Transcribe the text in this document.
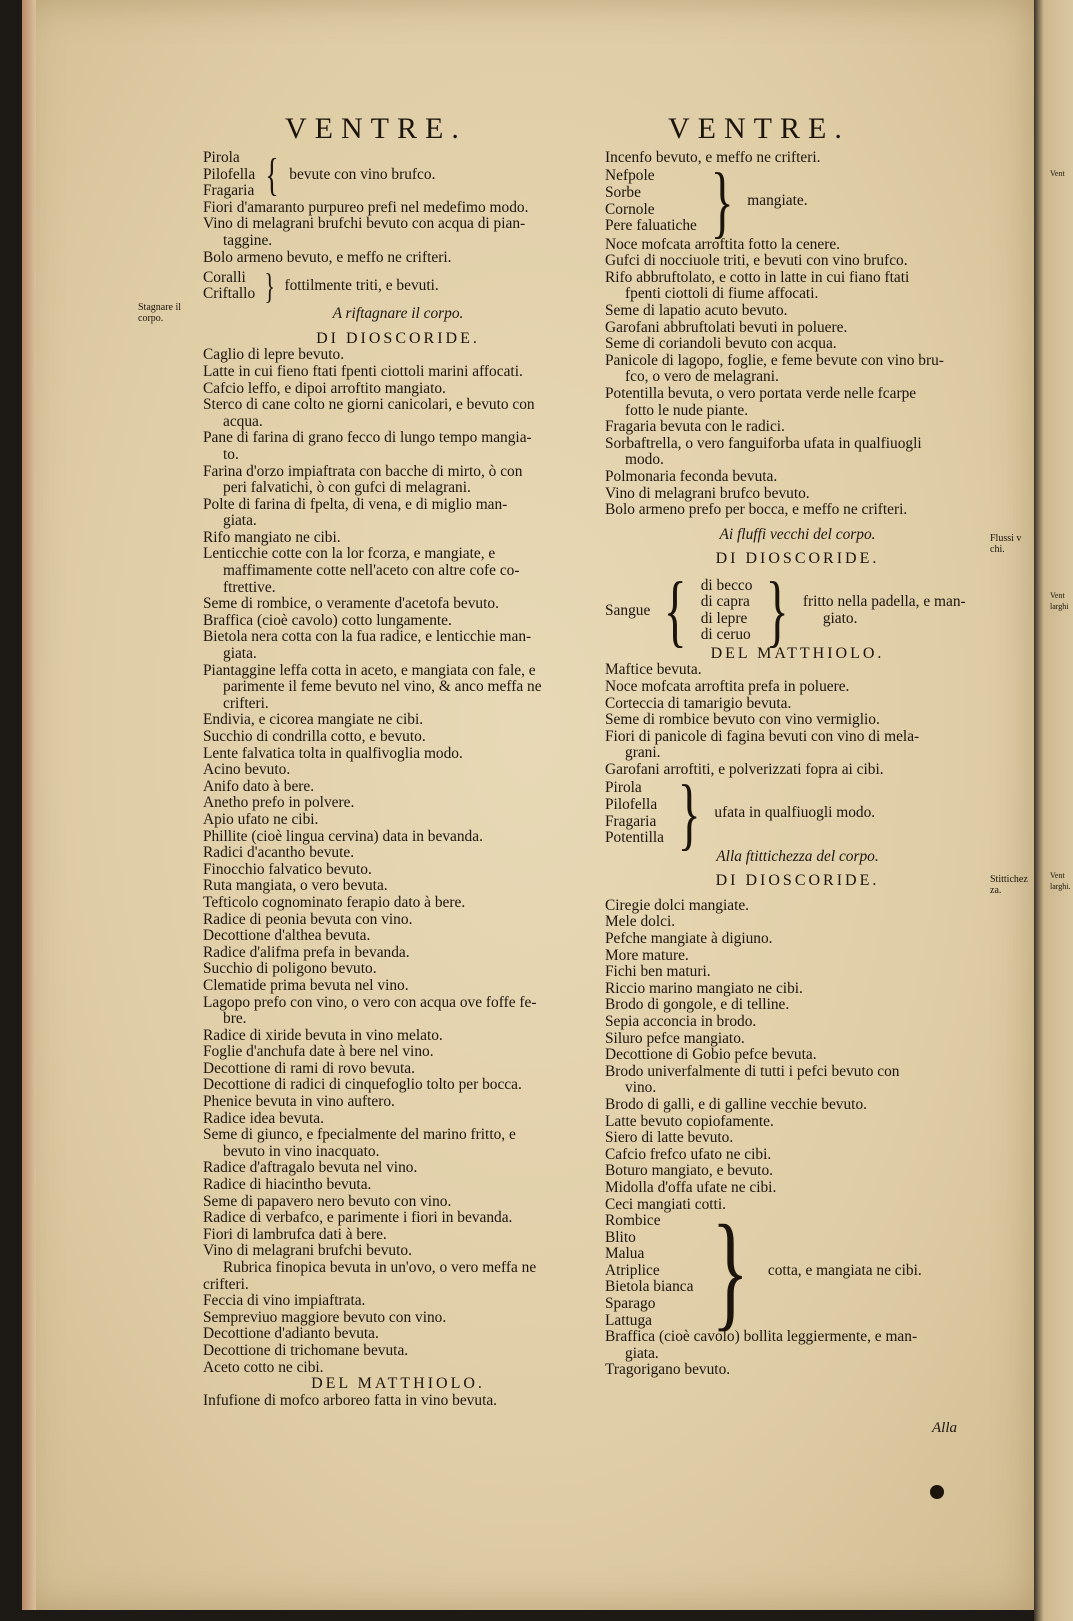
VENTRE.	VENTRE.
Stagnare il corpo.
Flussi v chi.
Stittichez za.
Vent
Vent larghi
Vent larghi.
Pirola
Pilofella
Fragaria { bevute con vino brufco.
Fiori d'amaranto purpureo prefi nel medefimo modo.
Vino di melagrani brufchi bevuto con acqua di pian-
taggine.
Bolo armeno bevuto, e meffo ne crifteri.
Coralli
Criftallo } fottilmente triti, e bevuti.
A riftagnare il corpo.
DI DIOSCORIDE.
Caglio di lepre bevuto.
Latte in cui fieno ftati fpenti ciottoli marini affocati.
Cafcio leffo, e dipoi arroftito mangiato.
Sterco di cane colto ne giorni canicolari, e bevuto con
acqua.
Pane di farina di grano fecco di lungo tempo mangia-
to.
Farina d'orzo impiaftrata con bacche di mirto, ò con
peri falvatichi, ò con gufci di melagrani.
Polte di farina di fpelta, di vena, e di miglio man-
giata.
Rifo mangiato ne cibi.
Lenticchie cotte con la lor fcorza, e mangiate, e
maffimamente cotte nell'aceto con altre cofe co-
ftrettive.
Seme di rombice, o veramente d'acetofa bevuto.
Braffica (cioè cavolo) cotto lungamente.
Bietola nera cotta con la fua radice, e lenticchie man-
giata.
Piantaggine leffa cotta in aceto, e mangiata con fale, e
parimente il feme bevuto nel vino, & anco meffa ne
crifteri.
Endivia, e cicorea mangiate ne cibi.
Succhio di condrilla cotto, e bevuto.
Lente falvatica tolta in qualfivoglia modo.
Acino bevuto.
Anifo dato à bere.
Anetho prefo in polvere.
Apio ufato ne cibi.
Phillite (cioè lingua cervina) data in bevanda.
Radici d'acantho bevute.
Finocchio falvatico bevuto.
Ruta mangiata, o vero bevuta.
Tefticolo cognominato ferapio dato à bere.
Radice di peonia bevuta con vino.
Decottione d'althea bevuta.
Radice d'alifma prefa in bevanda.
Succhio di poligono bevuto.
Clematide prima bevuta nel vino.
Lagopo prefo con vino, o vero con acqua ove foffe fe-
bre.
Radice di xiride bevuta in vino melato.
Foglie d'anchufa date à bere nel vino.
Decottione di rami di rovo bevuta.
Decottione di radici di cinquefoglio tolto per bocca.
Phenice bevuta in vino auftero.
Radice idea bevuta.
Seme di giunco, e fpecialmente del marino fritto, e
bevuto in vino inacquato.
Radice d'aftragalo bevuta nel vino.
Radice di hiacintho bevuta.
Seme di papavero nero bevuto con vino.
Radice di verbafco, e parimente i fiori in bevanda.
Fiori di lambrufca dati à bere.
Vino di melagrani brufchi bevuto.
Rubrica finopica bevuta in un'ovo, o vero meffa ne
crifteri.
Feccia di vino impiaftrata.
Sempreviuo maggiore bevuto con vino.
Decottione d'adianto bevuta.
Decottione di trichomane bevuta.
Aceto cotto ne cibi.
DEL MATTHIOLO.
Infufione di mofco arboreo fatta in vino bevuta.
Incenfo bevuto, e meffo ne crifteri.
Nefpole
Sorbe
Cornole
Pere faluatiche } mangiate.
Noce mofcata arroftita fotto la cenere.
Gufci di nocciuole triti, e bevuti con vino brufco.
Rifo abbruftolato, e cotto in latte in cui fiano ftati
fpenti ciottoli di fiume affocati.
Seme di lapatio acuto bevuto.
Garofani abbruftolati bevuti in poluere.
Seme di coriandoli bevuto con acqua.
Panicole di lagopo, foglie, e feme bevute con vino bru-
fco, o vero de melagrani.
Potentilla bevuta, o vero portata verde nelle fcarpe
fotto le nude piante.
Fragaria bevuta con le radici.
Sorbaftrella, o vero fanguiforba ufata in qualfiuogli
modo.
Polmonaria feconda bevuta.
Vino di melagrani brufco bevuto.
Bolo armeno prefo per bocca, e meffo ne crifteri.
Ai fluffi vecchi del corpo.
DI DIOSCORIDE.
Sangue { di becco
di capra
di lepre
di ceruo } fritto nella padella, e man-
giato.
DEL MATTHIOLO.
Maftice bevuta.
Noce mofcata arroftita prefa in poluere.
Corteccia di tamarigio bevuta.
Seme di rombice bevuto con vino vermiglio.
Fiori di panicole di fagina bevuti con vino di mela-
grani.
Garofani arroftiti, e polverizzati fopra ai cibi.
Pirola
Pilofella
Fragaria
Potentilla } ufata in qualfiuogli modo.
Alla ftittichezza del corpo.
DI DIOSCORIDE.
Ciregie dolci mangiate.
Mele dolci.
Pefche mangiate à digiuno.
More mature.
Fichi ben maturi.
Riccio marino mangiato ne cibi.
Brodo di gongole, e di telline.
Sepia acconcia in brodo.
Siluro pefce mangiato.
Decottione di Gobio pefce bevuta.
Brodo univerfalmente di tutti i pefci bevuto con
vino.
Brodo di galli, e di galline vecchie bevuto.
Latte bevuto copiofamente.
Siero di latte bevuto.
Cafcio frefco ufato ne cibi.
Boturo mangiato, e bevuto.
Midolla d'offa ufate ne cibi.
Ceci mangiati cotti.
Rombice
Blito
Malua
Atriplice
Bietola bianca
Sparago
Lattuga } cotta, e mangiata ne cibi.
Braffica (cioè cavolo) bollita leggiermente, e man-
giata.
Tragorigano bevuto.
Alla
